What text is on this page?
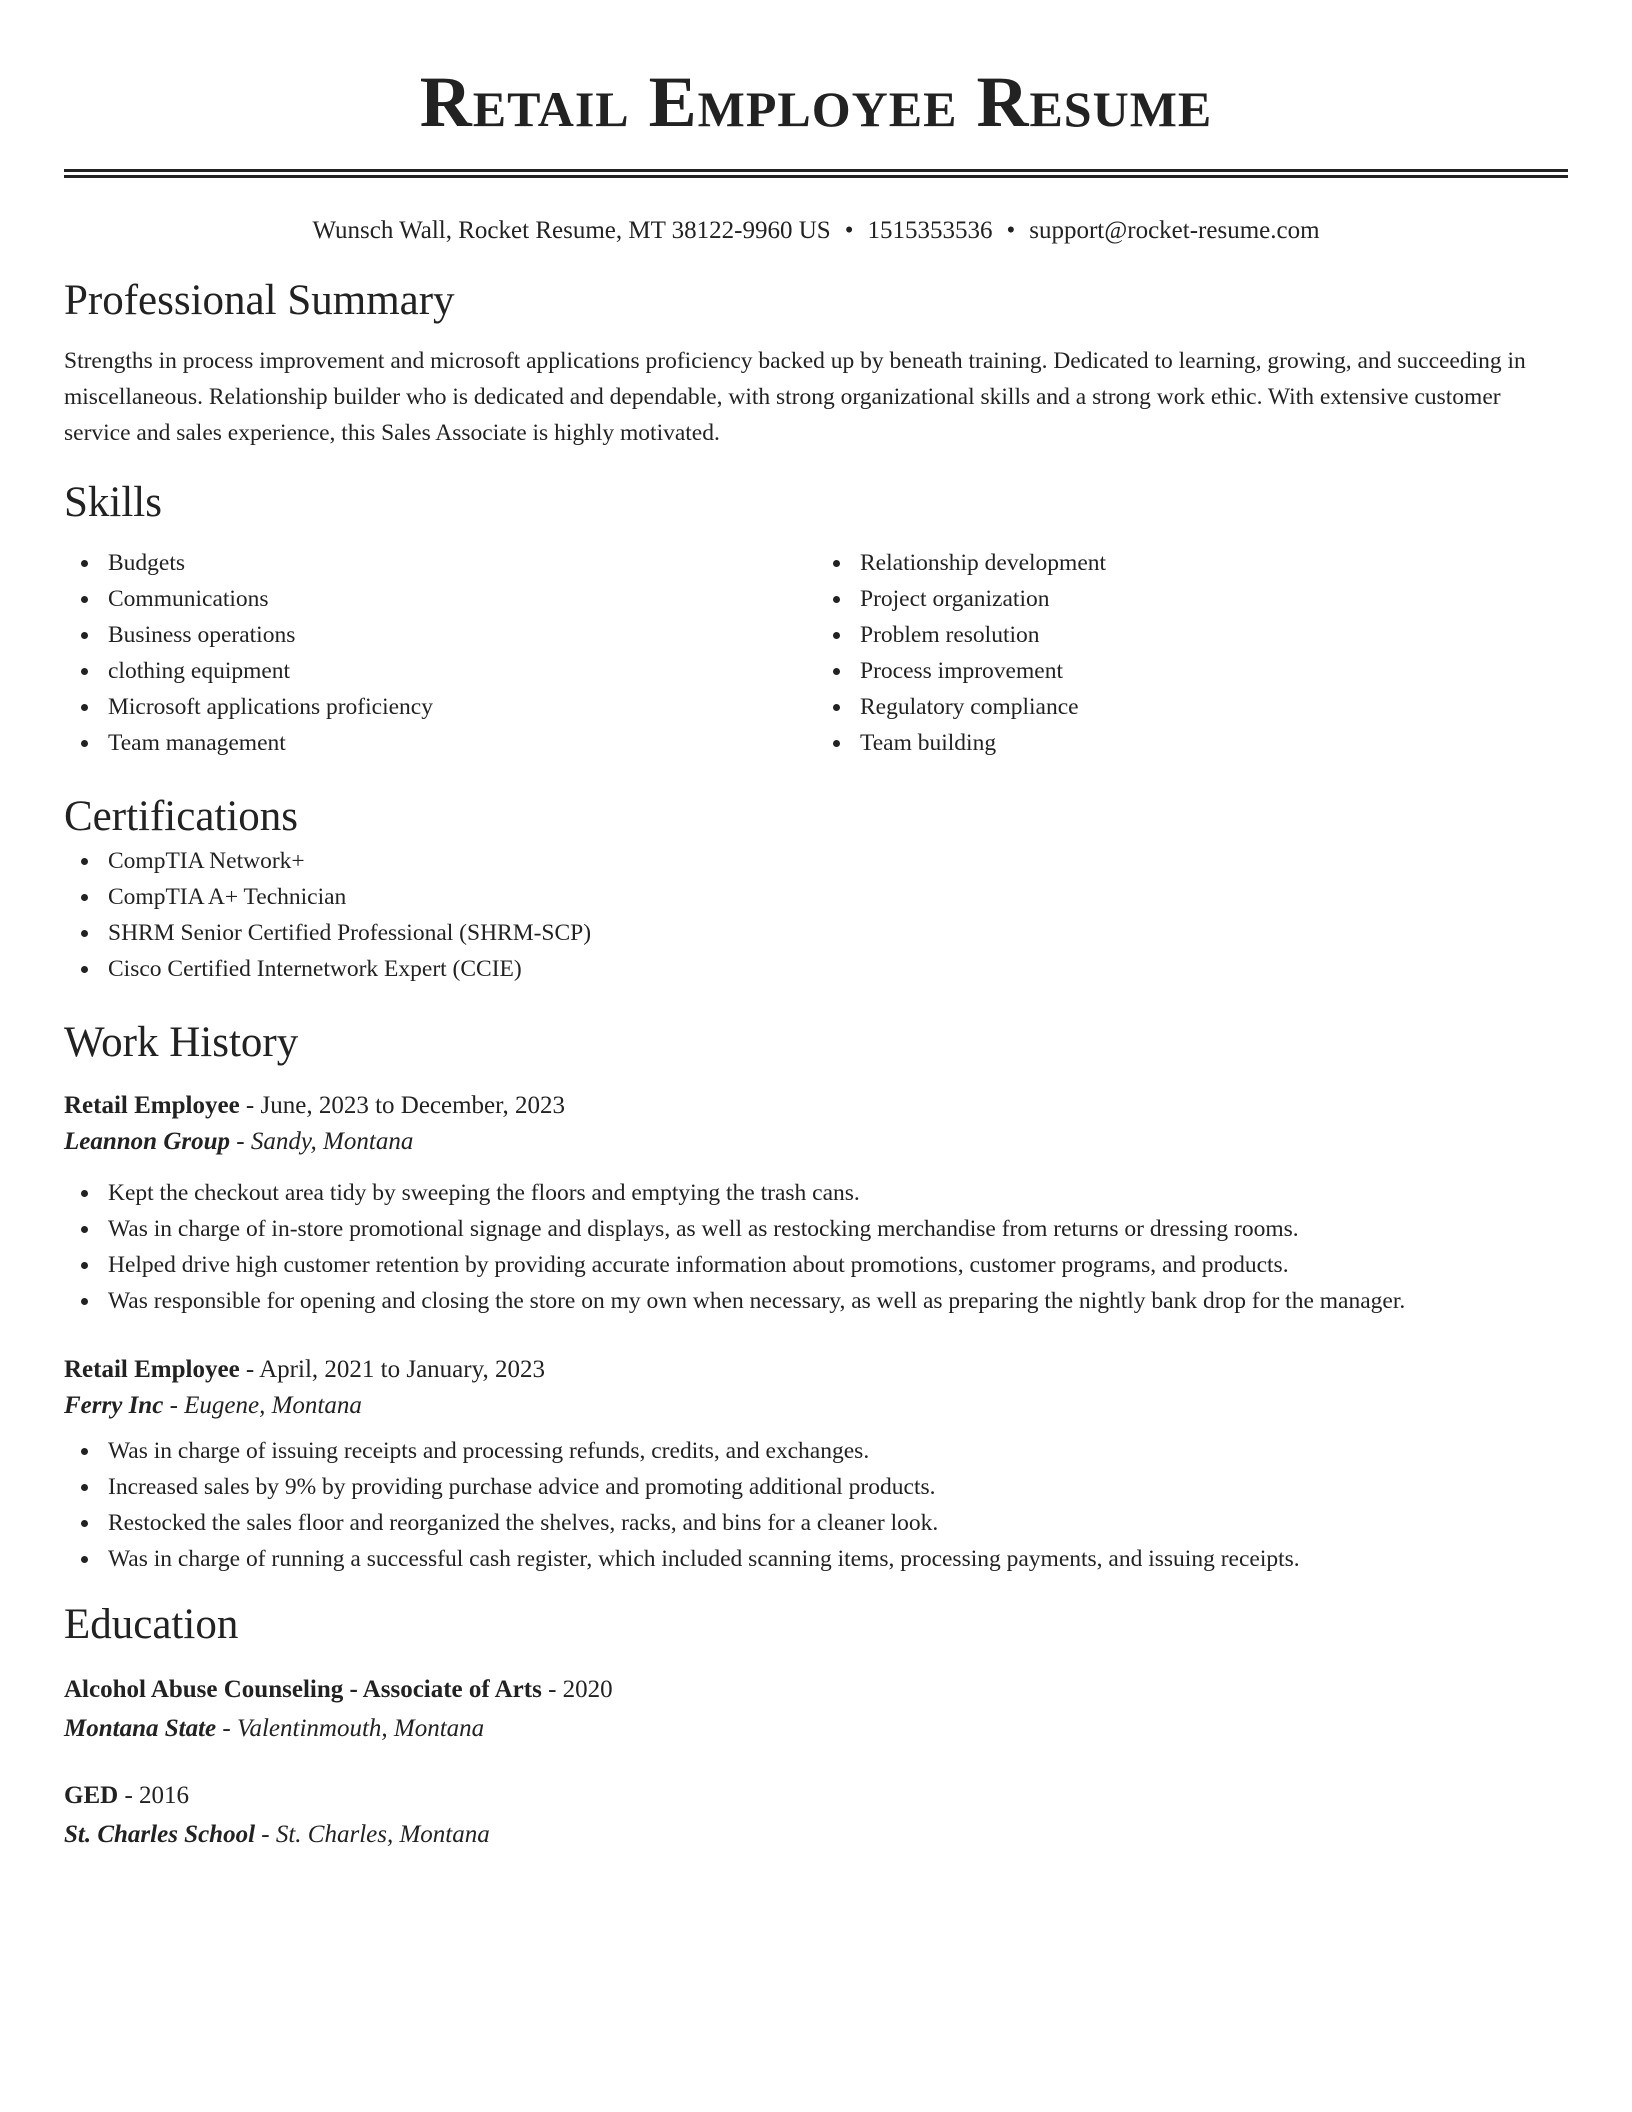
Retail Employee Resume
Wunsch Wall, Rocket Resume, MT 38122-9960 US • 1515353536 • support@rocket-resume.com
Professional Summary
Strengths in process improvement and microsoft applications proficiency backed up by beneath training. Dedicated to learning, growing, and succeeding in miscellaneous. Relationship builder who is dedicated and dependable, with strong organizational skills and a strong work ethic. With extensive customer service and sales experience, this Sales Associate is highly motivated.
Skills
Budgets
Communications
Business operations
clothing equipment
Microsoft applications proficiency
Team management
Relationship development
Project organization
Problem resolution
Process improvement
Regulatory compliance
Team building
Certifications
CompTIA Network+
CompTIA A+ Technician
SHRM Senior Certified Professional (SHRM-SCP)
Cisco Certified Internetwork Expert (CCIE)
Work History
Retail Employee - June, 2023 to December, 2023
Leannon Group - Sandy, Montana
Kept the checkout area tidy by sweeping the floors and emptying the trash cans.
Was in charge of in-store promotional signage and displays, as well as restocking merchandise from returns or dressing rooms.
Helped drive high customer retention by providing accurate information about promotions, customer programs, and products.
Was responsible for opening and closing the store on my own when necessary, as well as preparing the nightly bank drop for the manager.
Retail Employee - April, 2021 to January, 2023
Ferry Inc - Eugene, Montana
Was in charge of issuing receipts and processing refunds, credits, and exchanges.
Increased sales by 9% by providing purchase advice and promoting additional products.
Restocked the sales floor and reorganized the shelves, racks, and bins for a cleaner look.
Was in charge of running a successful cash register, which included scanning items, processing payments, and issuing receipts.
Education
Alcohol Abuse Counseling - Associate of Arts - 2020
Montana State - Valentinmouth, Montana
GED - 2016
St. Charles School - St. Charles, Montana
